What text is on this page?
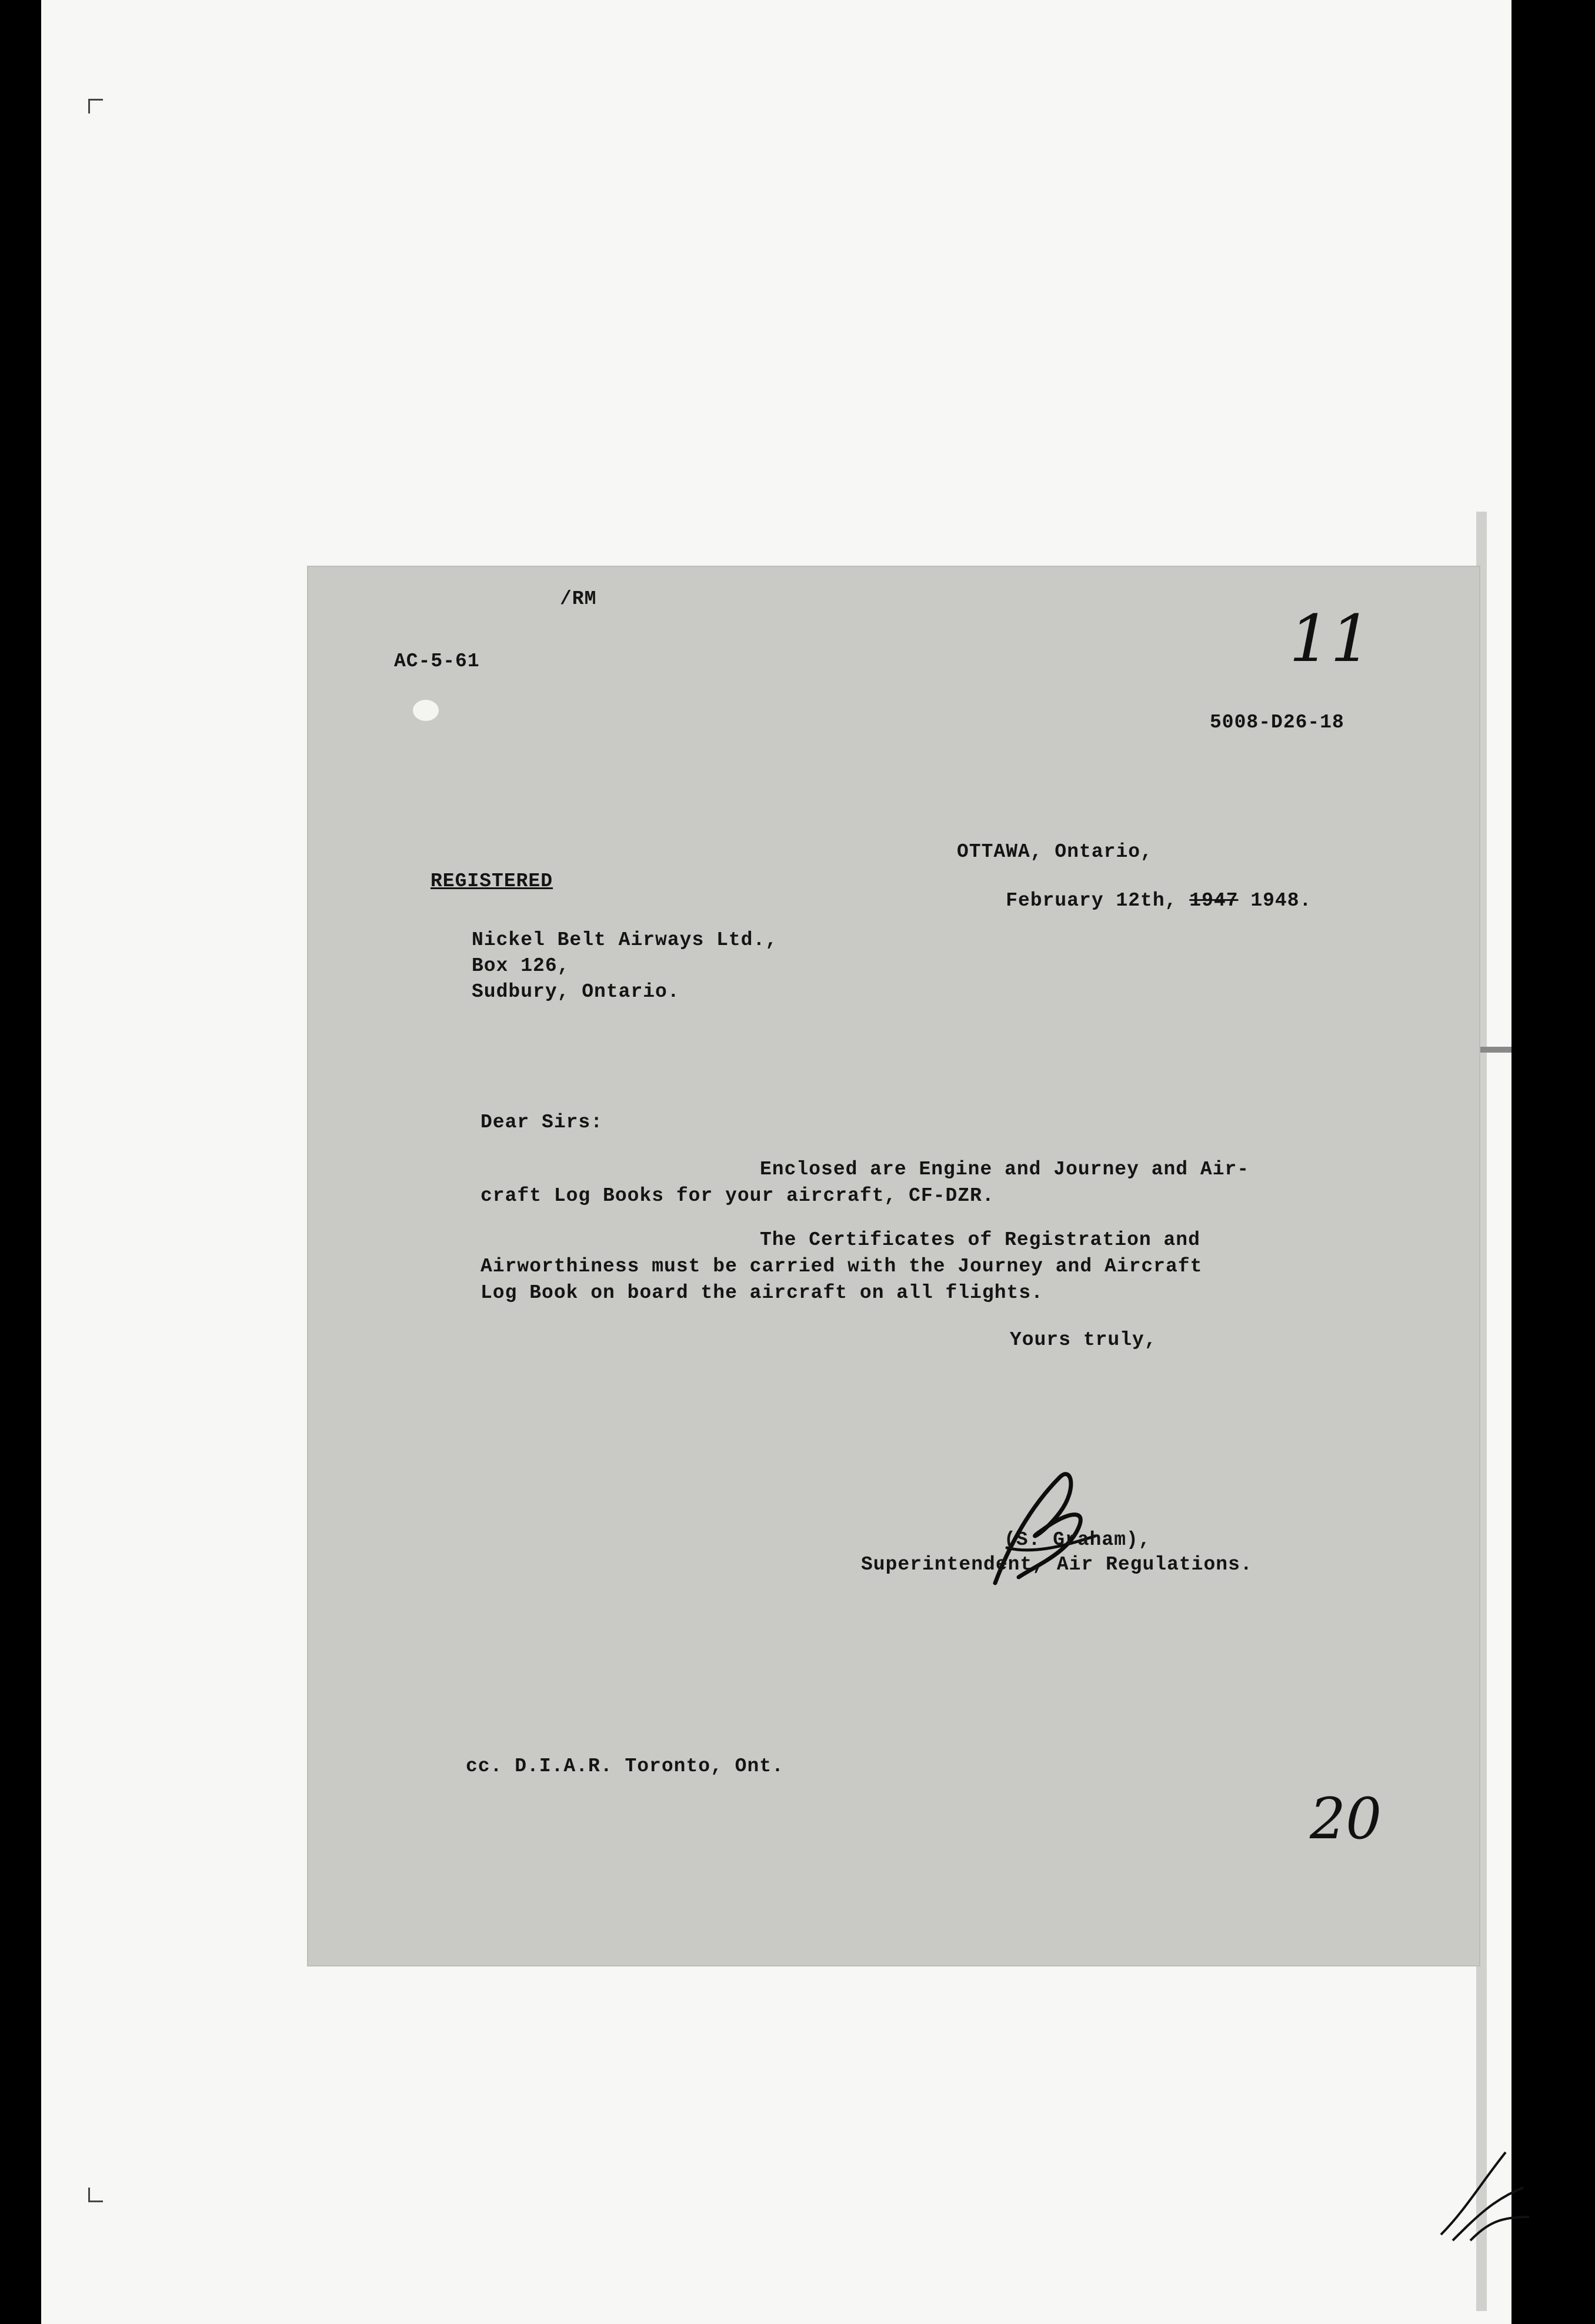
/RM
AC-5-61	11
5008-D26-18
OTTAWA, Ontario,
REGISTERED

February 12th, 1947 1948.

Nickel Belt Airways Ltd.,
Box 126,
Sudbury, Ontario.
Dear Sirs:
Enclosed are Engine and Journey and Air-
craft Log Books for your aircraft, CF-DZR.
The Certificates of Registration and
Airworthiness must be carried with the Journey and Aircraft
Log Book on board the aircraft on all flights.
Yours truly,
(S. Graham),
Superintendent, Air Regulations.
cc. D.I.A.R. Toronto, Ont.
20
